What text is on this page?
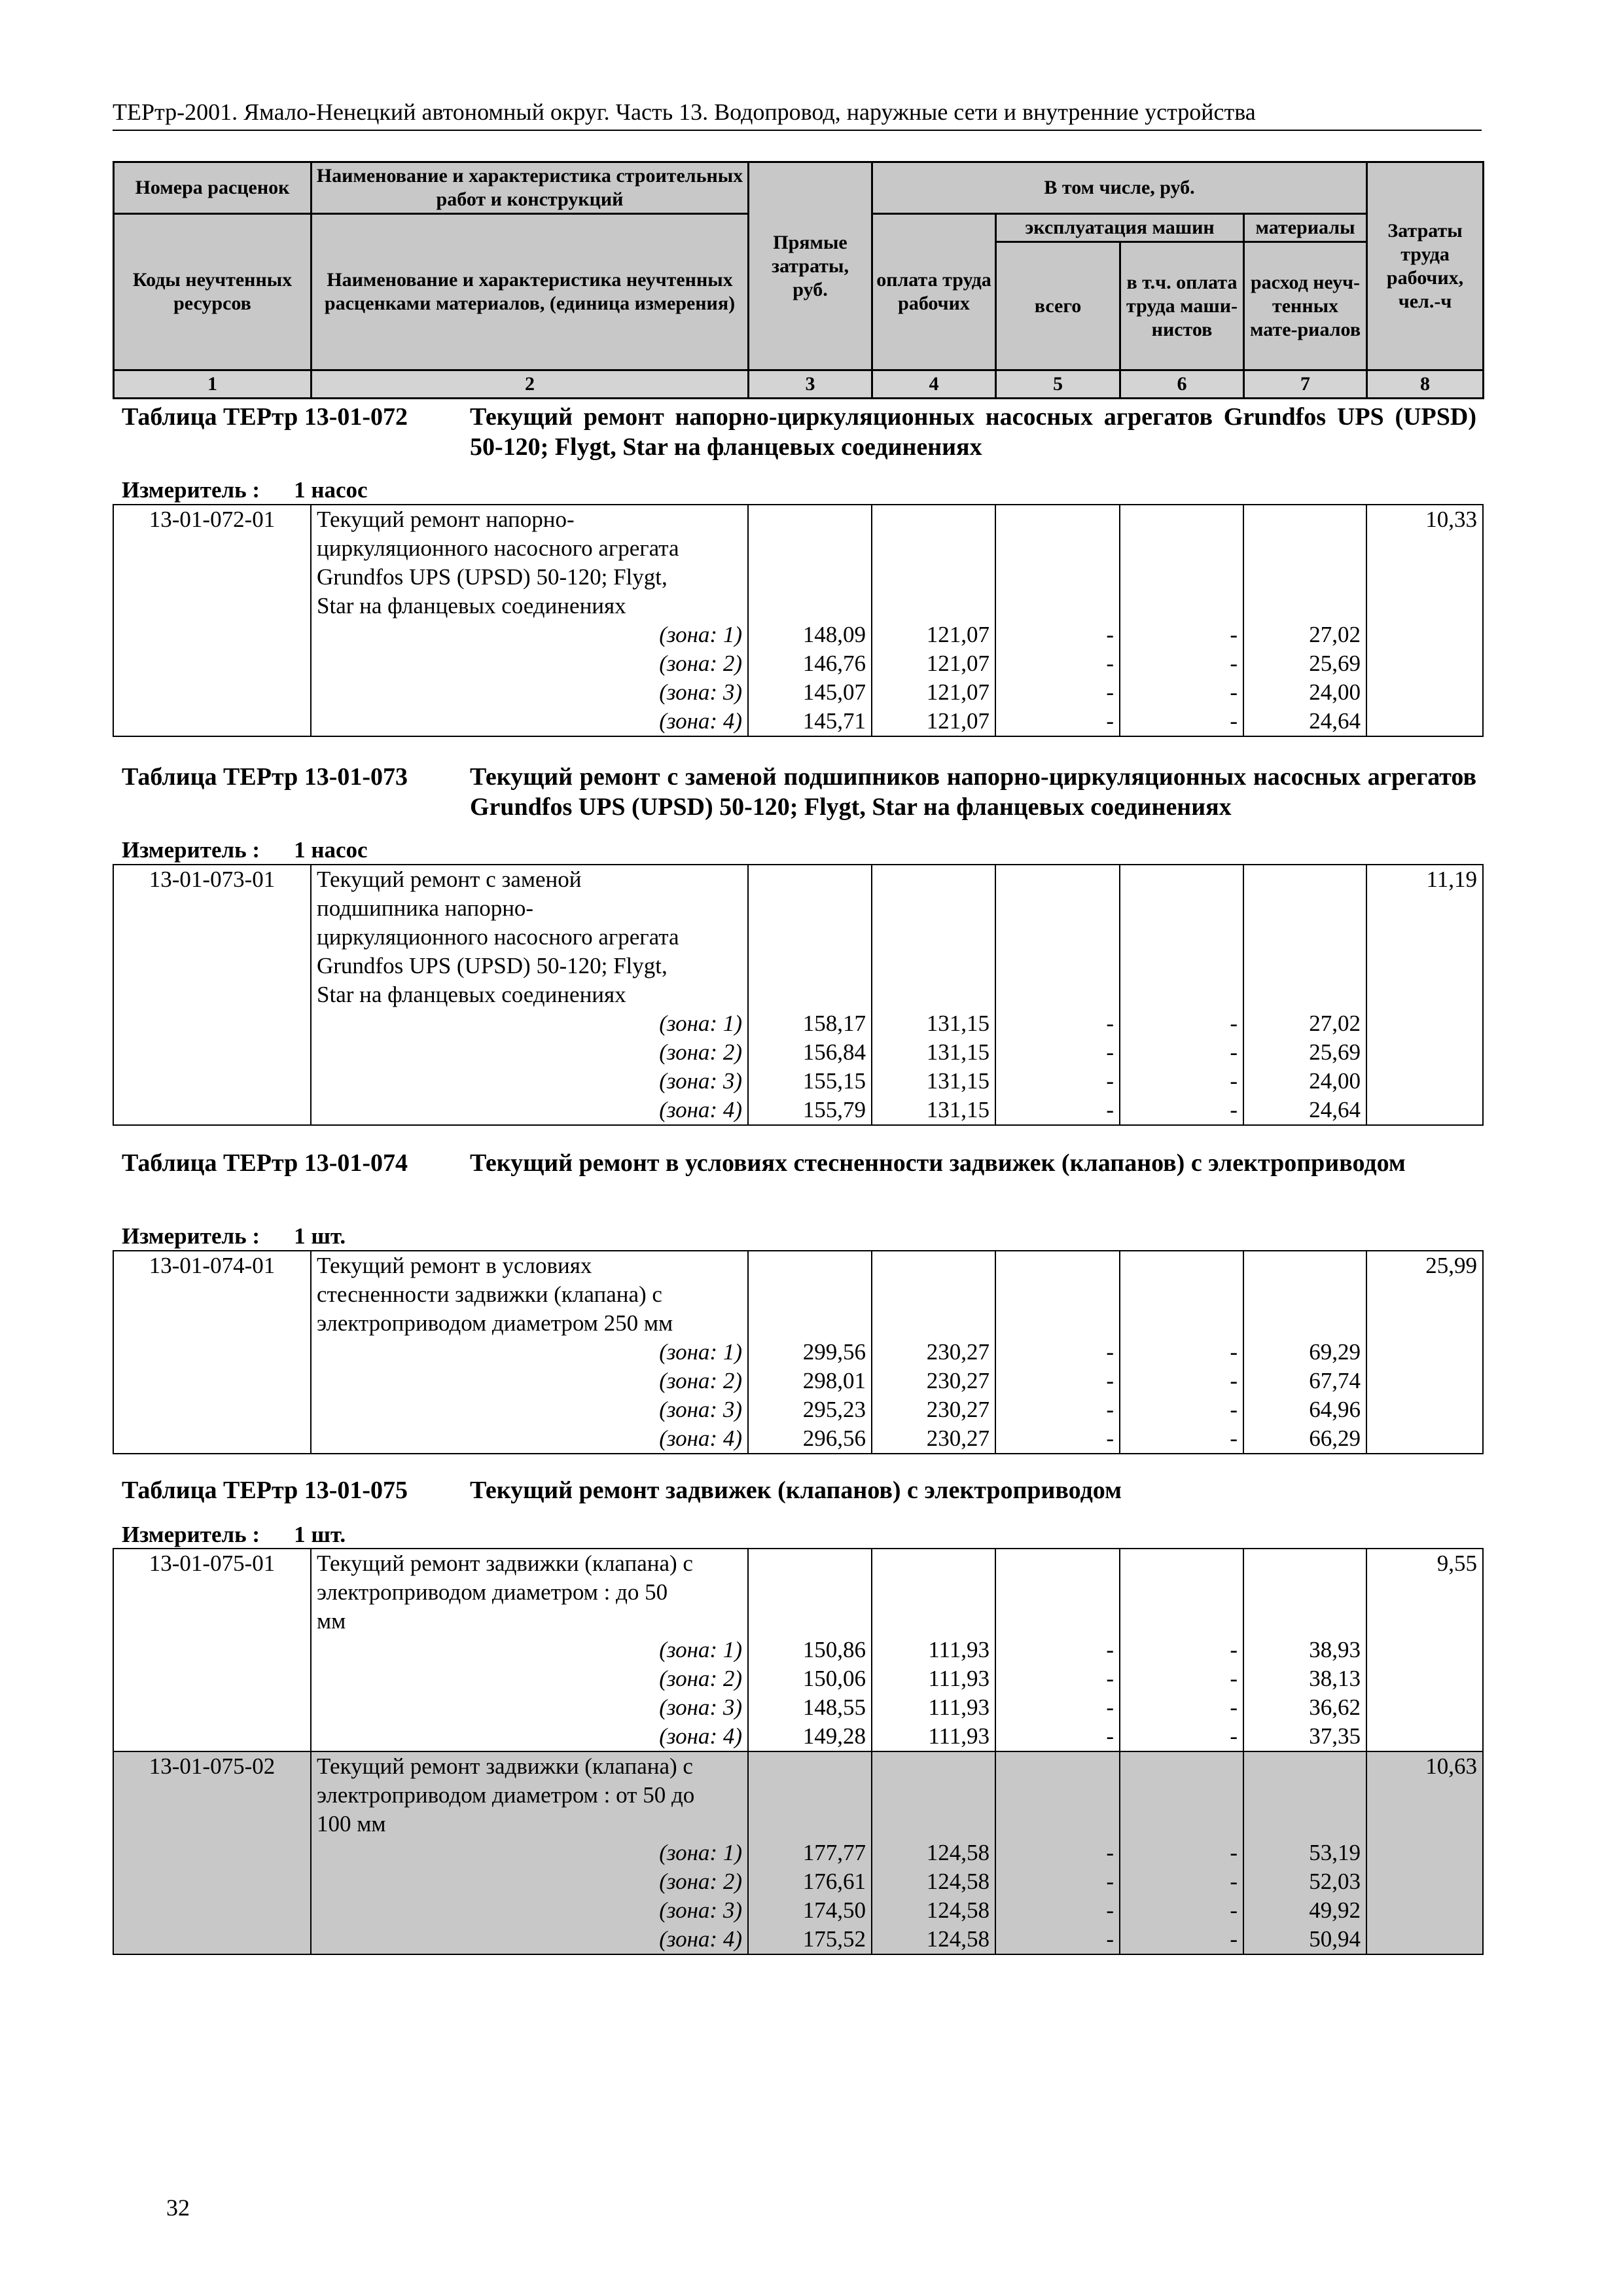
ТЕРтр-2001. Ямало-Ненецкий автономный округ. Часть 13. Водопровод, наружные сети и внутренние устройства
Номера расценок	Наименование и характеристика строительных работ и конструкций	Прямые затраты, руб.	В том числе, руб.				Затраты труда рабочих, чел.-ч
Коды неучтенных ресурсов	Наименование и характеристика неучтенных расценками материалов, (единица измерения)		оплата труда рабочих	эксплуатация машин		материалы	
				всего	в т.ч. оплата труда маши-нистов	расход неуч-тенных мате-риалов	
1	2	3	4	5	6	7	8
Таблица ТЕРтр 13-01-072 Текущий ремонт напорно-циркуляционных насосных агрегатов Grundfos UPS (UPSD) 50-120; Flygt, Star на фланцевых соединениях
Измеритель : 1 насос
13-01-072-01	Текущий ремонт напорно-						10,33
	циркуляционного насосного агрегата						
	Grundfos UPS (UPSD) 50-120; Flygt,						
	Star на фланцевых соединениях						
	(зона: 1)	148,09	121,07	-	-	27,02	
	(зона: 2)	146,76	121,07	-	-	25,69	
	(зона: 3)	145,07	121,07	-	-	24,00	
	(зона: 4)	145,71	121,07	-	-	24,64	
Таблица ТЕРтр 13-01-073 Текущий ремонт с заменой подшипников напорно-циркуляционных насосных агрегатов Grundfos UPS (UPSD) 50-120; Flygt, Star на фланцевых соединениях
Измеритель : 1 насос
13-01-073-01	Текущий ремонт с заменой						11,19
	подшипника напорно-						
	циркуляционного насосного агрегата						
	Grundfos UPS (UPSD) 50-120; Flygt,						
	Star на фланцевых соединениях						
	(зона: 1)	158,17	131,15	-	-	27,02	
	(зона: 2)	156,84	131,15	-	-	25,69	
	(зона: 3)	155,15	131,15	-	-	24,00	
	(зона: 4)	155,79	131,15	-	-	24,64	
Таблица ТЕРтр 13-01-074 Текущий ремонт в условиях стесненности задвижек (клапанов) с электроприводом
Измеритель : 1 шт.
13-01-074-01	Текущий ремонт в условиях						25,99
	стесненности задвижки (клапана) с						
	электроприводом диаметром 250 мм						
	(зона: 1)	299,56	230,27	-	-	69,29	
	(зона: 2)	298,01	230,27	-	-	67,74	
	(зона: 3)	295,23	230,27	-	-	64,96	
	(зона: 4)	296,56	230,27	-	-	66,29	
Таблица ТЕРтр 13-01-075 Текущий ремонт задвижек (клапанов) с электроприводом
Измеритель : 1 шт.
13-01-075-01	Текущий ремонт задвижки (клапана) с						9,55
	электроприводом диаметром : до 50						
	мм						
	(зона: 1)	150,86	111,93	-	-	38,93	
	(зона: 2)	150,06	111,93	-	-	38,13	
	(зона: 3)	148,55	111,93	-	-	36,62	
	(зона: 4)	149,28	111,93	-	-	37,35	
13-01-075-02	Текущий ремонт задвижки (клапана) с						10,63
	электроприводом диаметром : от 50 до						
	100 мм						
	(зона: 1)	177,77	124,58	-	-	53,19	
	(зона: 2)	176,61	124,58	-	-	52,03	
	(зона: 3)	174,50	124,58	-	-	49,92	
	(зона: 4)	175,52	124,58	-	-	50,94	
32
